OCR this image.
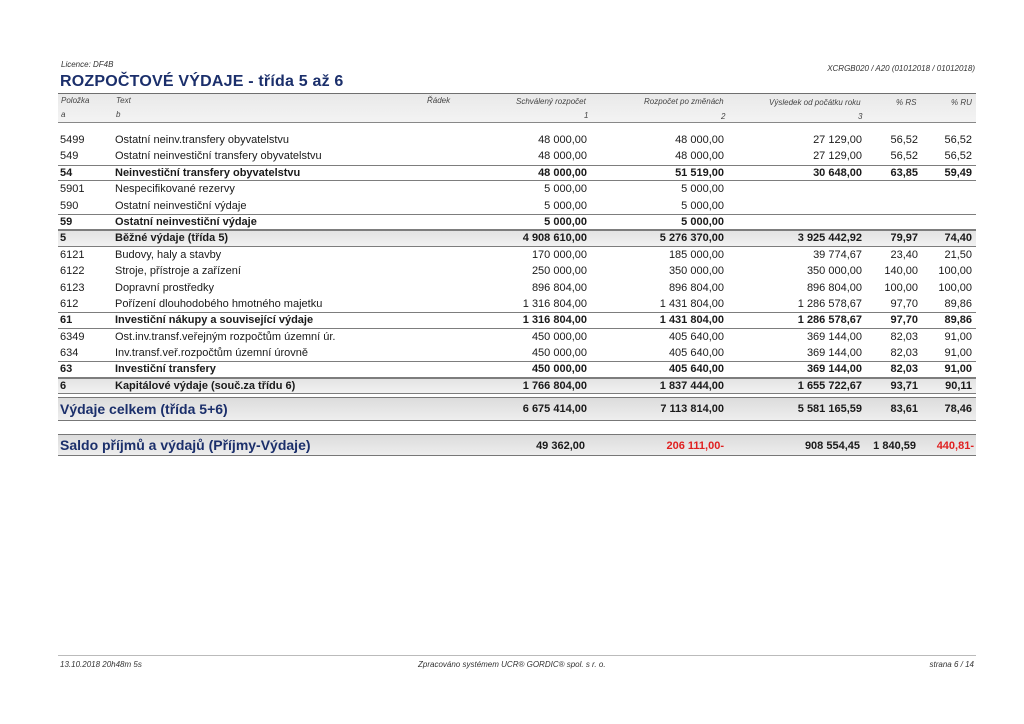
Licence: DF4B	XCRGB020 / A20 (01012018 / 01012018)
ROZPOČTOVÉ VÝDAJE - třída 5 až 6
Položka	Text	Řádek	Schválený rozpočet	Rozpočet po změnách	Výsledek od počátku roku	% RS	% RU
a	b	1	2	3
5499	Ostatní neinv.transfery obyvatelstvu	48 000,00	48 000,00	27 129,00	56,52 56,52
549	Ostatní neinvestiční transfery obyvatelstvu	48 000,00	48 000,00	27 129,00	56,52 56,52
54	Neinvestiční transfery obyvatelstvu	48 000,00	51 519,00	30 648,00	63,85 59,49
5901	Nespecifikované rezervy	5 000,00	5 000,00
590	Ostatní neinvestiční výdaje	5 000,00	5 000,00
59	Ostatní neinvestiční výdaje	5 000,00	5 000,00
5	Běžné výdaje (třída 5)	4 908 610,00	5 276 370,00	3 925 442,92	79,97 74,40
6121	Budovy, haly a stavby	170 000,00	185 000,00	39 774,67	23,40 21,50
6122	Stroje, přístroje a zařízení	250 000,00	350 000,00	350 000,00 140,00 100,00
6123	Dopravní prostředky	896 804,00	896 804,00	896 804,00 100,00 100,00
612	Pořízení dlouhodobého hmotného majetku	1 316 804,00	1 431 804,00	1 286 578,67	97,70 89,86
61	Investiční nákupy a související výdaje	1 316 804,00	1 431 804,00	1 286 578,67	97,70 89,86
6349	Ost.inv.transf.veřejným rozpočtům územní úr.	450 000,00	405 640,00	369 144,00	82,03 91,00
634	Inv.transf.veř.rozpočtům územní úrovně	450 000,00	405 640,00	369 144,00	82,03 91,00
63	Investiční transfery	450 000,00	405 640,00	369 144,00	82,03 91,00
6	Kapitálové výdaje (souč.za třídu 6)	1 766 804,00	1 837 444,00	1 655 722,67	93,71 90,11
Výdaje celkem (třída 5+6)	6 675 414,00	7 113 814,00	5 581 165,59	83,61 78,46
Saldo příjmů a výdajů (Příjmy-Výdaje)	49 362,00	206 111,00-	908 554,45 1 840,59 440,81-
13.10.2018 20h48m 5s	Zpracováno systémem UCR® GORDIC® spol. s r. o.	strana 6 / 14
